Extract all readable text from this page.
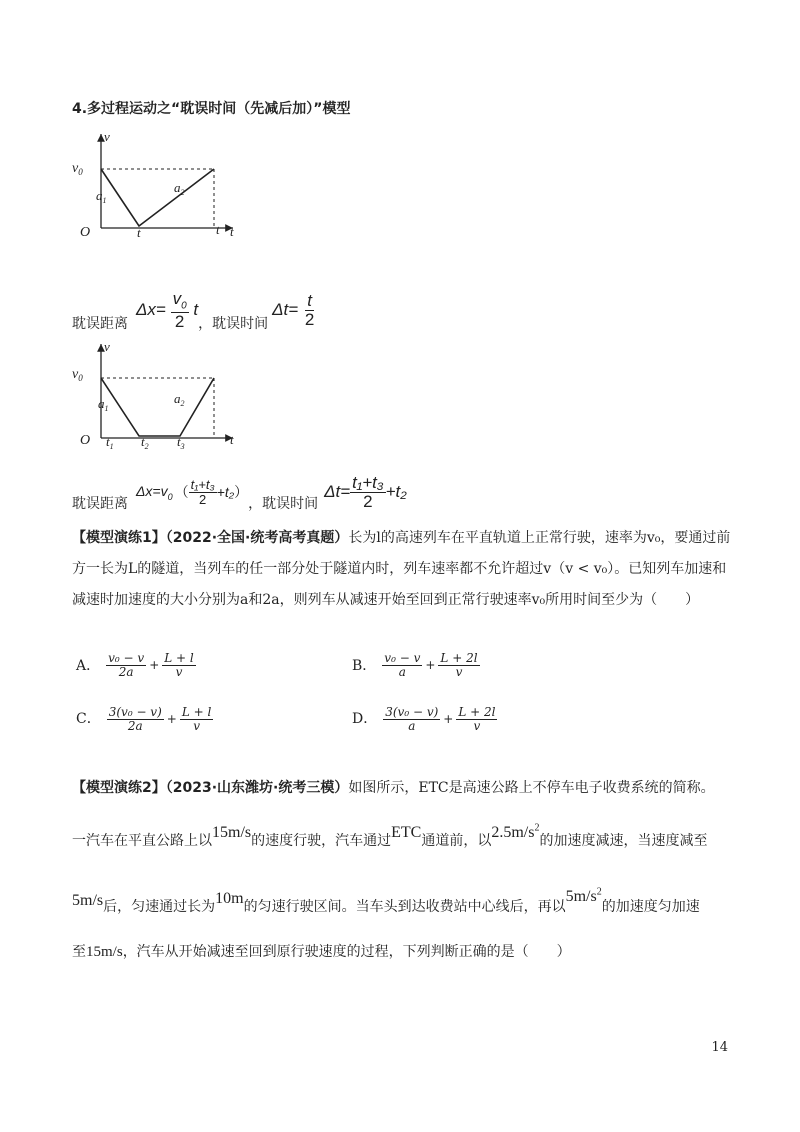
4.多过程运动之“耽误时间（先减后加）”模型
v
$v_0$
$a_1$
$a_2$
O	t	t t
耽误距离
$\Delta x= \frac{v_0}{2}$ t
，耽误时间
$\Delta t= \frac{t}{2}$
v
$v_0$
$a_1$
$a_2$
O $t_1$ $t_2$ $t_3$	t
耽误距离
$\Delta x=v_0$ （ $\frac{\text{t₁+t₃}}{2} +t_2$ ）
，耽误时间
$\Delta t= \frac{\text{t₁+t₃}}{2} +t_2$
【模型演练1】（2022·全国·统考高考真题）长为l的高速列车在平直轨道上正常行驶，速率为v₀，要通过前方一长为L的隧道，当列车的任一部分处于隧道内时，列车速率都不允许超过v（v < v₀）。已知列车加速和减速时加速度的大小分别为a和2a，则列车从减速开始至回到正常行驶速率v₀所用时间至少为（　　）
A． $\frac{\text{v₀ − v}}{2a} + \frac{L + l}{v}$	B． $\frac{\text{v₀ − v}}{a} + \frac{L + 2l}{v}$
C． $\frac{\text{3(v₀ − v)}}{2a} + \frac{L + l}{v}$	D． $\frac{\text{3(v₀ − v)}}{a} + \frac{L + 2l}{v}$
【模型演练2】（2023·山东潍坊·统考三模）如图所示，ETC是高速公路上不停车电子收费系统的简称。
一汽车在平直公路上以15m/s的速度行驶，汽车通过ETC通道前，以$2.5m/s^2$的加速度减速，当速度减至
5m/s后，匀速通过长为10m的匀速行驶区间。当车头到达收费站中心线后，再以$5m/s^2$的加速度匀加速
至15m/s，汽车从开始减速至回到原行驶速度的过程，下列判断正确的是（　　）
14
